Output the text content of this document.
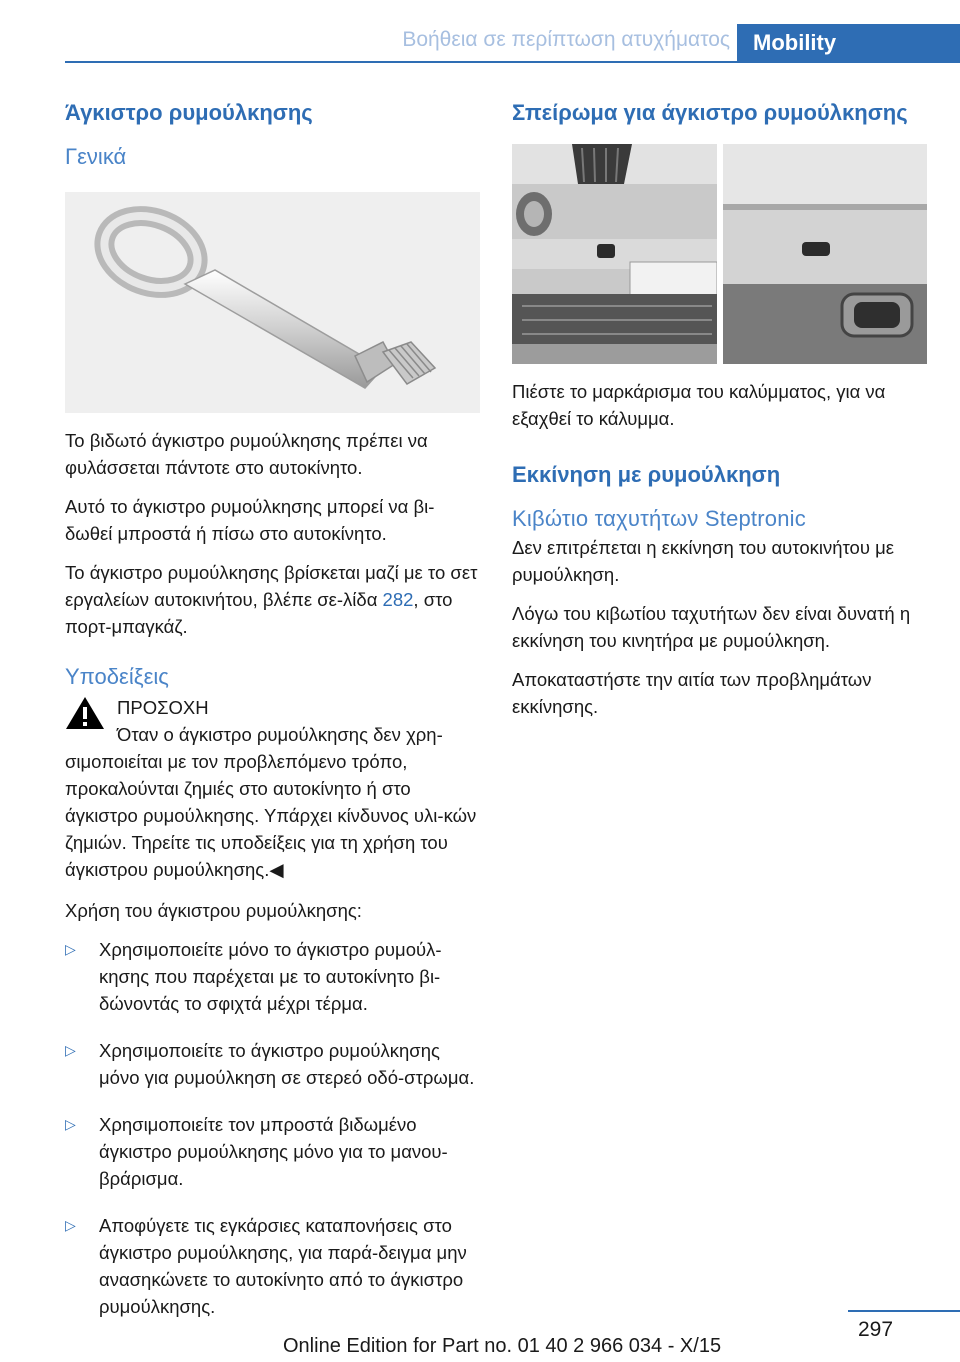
Βοήθεια σε περίπτωση ατυχήματος	Mobility
Άγκιστρο ρυμούλκησης
Γενικά

Το βιδωτό άγκιστρο ρυμούλκησης πρέπει να φυλάσσεται πάντοτε στο αυτοκίνητο.

Αυτό το άγκιστρο ρυμούλκησης μπορεί να βι‐δωθεί μπροστά ή πίσω στο αυτοκίνητο.

Το άγκιστρο ρυμούλκησης βρίσκεται μαζί με το σετ εργαλείων αυτοκινήτου, βλέπε σε‐λίδα 282, στο πορτ-μπαγκάζ.

Υποδείξεις
ΠΡΟΣΟΧΗ
Όταν ο άγκιστρο ρυμούλκησης δεν χρη‐
σιμοποιείται με τον προβλεπόμενο τρόπο, προκαλούνται ζημιές στο αυτοκίνητο ή στο άγκιστρο ρυμούλκησης. Υπάρχει κίνδυνος υλι‐κών ζημιών. Τηρείτε τις υποδείξεις για τη χρήση του άγκιστρου ρυμούλκησης.◀

Χρήση του άγκιστρου ρυμούλκησης:

▷ Χρησιμοποιείτε μόνο το άγκιστρο ρυμούλ‐κησης που παρέχεται με το αυτοκίνητο βι‐δώνοντάς το σφιχτά μέχρι τέρμα.
▷ Χρησιμοποιείτε το άγκιστρο ρυμούλκησης μόνο για ρυμούλκηση σε στερεό οδό‐στρωμα.
▷ Χρησιμοποιείτε τον μπροστά βιδωμένο άγκιστρο ρυμούλκησης μόνο για το μανου‐βράρισμα.
▷ Αποφύγετε τις εγκάρσιες καταπονήσεις στο άγκιστρο ρυμούλκησης, για παρά‐δειγμα μην ανασηκώνετε το αυτοκίνητο από το άγκιστρο ρυμούλκησης.
Σπείρωμα για άγκιστρο ρυμούλκησης

Πιέστε το μαρκάρισμα του καλύμματος, για να εξαχθεί το κάλυμμα.

Εκκίνηση με ρυμούλκηση
Κιβώτιο ταχυτήτων Steptronic

Δεν επιτρέπεται η εκκίνηση του αυτοκινήτου με ρυμούλκηση.

Λόγω του κιβωτίου ταχυτήτων δεν είναι δυνατή η εκκίνηση του κινητήρα με ρυμούλκηση.

Αποκαταστήστε την αιτία των προβλημάτων εκκίνησης.

297
Online Edition for Part no. 01 40 2 966 034 - X/15
